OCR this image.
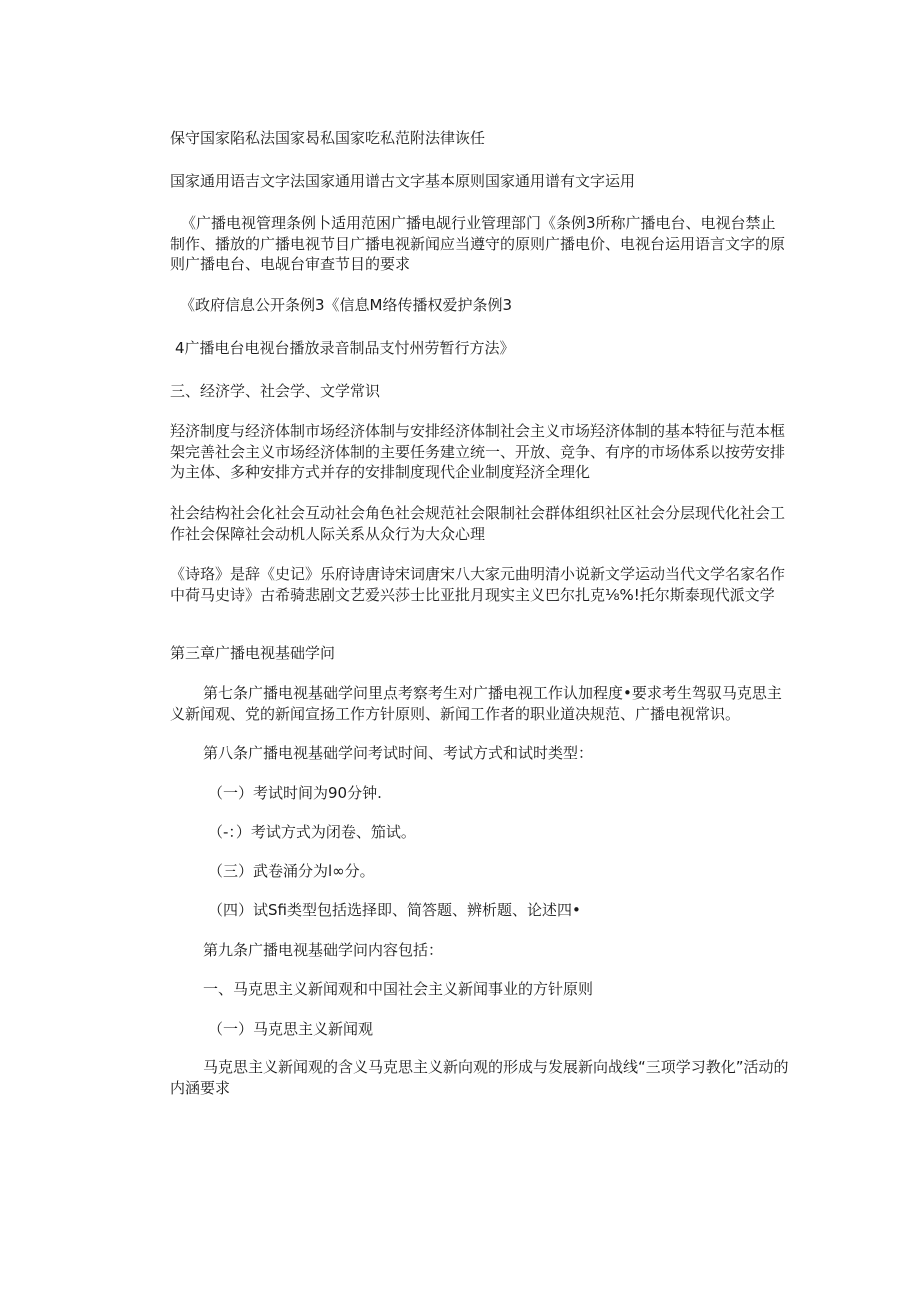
保守国家陷私法国家曷私国家吃私范附法律诙任
国家通用语吉文字法国家通用谱古文字基本原则国家通用谱有文字运用
《广播电视管理条例卜适用范困广播电觇行业管理部门《条例3所称广播电台、电视台禁止制作、播放的广播电视节目广播电视新闻应当遵守的原则广播电价、电视台运用语言文字的原则广播电台、电觇台审查节目的要求
《政府信息公开条例3《信息M络传播权爱护条例3
4广播电台电视台播放录音制品支忖州劳暂行方法》
三、经济学、社会学、文学常识
羟济制度与经济体制市场经济体制与安排经济体制社会主义市场羟济体制的基本特征与范本框架完善社会主义市场经济体制的主要任务建立统一、开放、竞争、有序的市场体系以按劳安排为主体、多种安排方式并存的安排制度现代企业制度羟济全理化
社会结构社会化社会互动社会角色社会规范社会限制社会群体组织社区社会分层现代化社会工作社会保障社会动机人际关系从众行为大众心理
《诗珞》是辞《史记》乐府诗唐诗宋词唐宋八大家元曲明清小说新文学运动当代文学名家名作中荷马史诗》古希骑悲剧文艺爱兴莎士比亚批月现实主义巴尔扎克⅛%!托尔斯泰现代派文学
第三章广播电视基础学问
第七条广播电视基础学问里点考察考生对广播电视工作认加程度•要求考生驾驭马克思主义新闻观、党的新闻宣扬工作方针原则、新闻工作者的职业道决规范、广播电视常识。
第八条广播电视基础学问考试时间、考试方式和试时类型：
（一）考试时间为90分钟.
（-：）考试方式为闭卷、笳试。
（三）武卷涌分为l∞分。
（四）试Sfi类型包括选择即、简答题、辨析题、论述四•
第九条广播电视基础学问内容包括：
一、马克思主义新闻观和中国社会主义新闻事业的方针原则
（一）马克思主义新闻观
马克思主义新闻观的含义马克思主义新向观的形成与发展新向战线“三项学习教化”活动的内涵要求
